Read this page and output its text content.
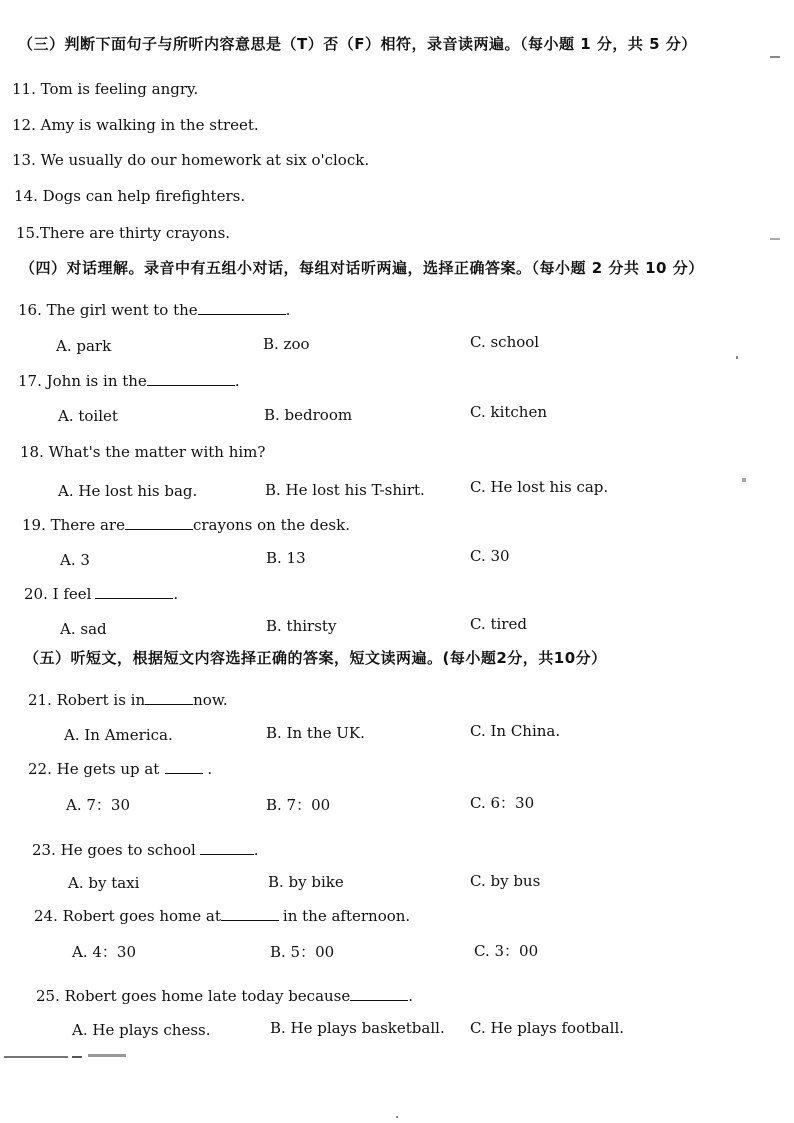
（三）判断下面句子与所听内容意思是（T）否（F）相符，录音读两遍。（每小题 1 分，共 5 分）
11. Tom is feeling angry.
12. Amy is walking in the street.
13. We usually do our homework at six o'clock.
14. Dogs can help firefighters.
15.There are thirty crayons.
（四）对话理解。录音中有五组小对话，每组对话听两遍，选择正确答案。（每小题 2 分共 10 分）
16. The girl went to the	.
A. park	B. zoo	C. school
17. John is in the	.
A. toilet	B. bedroom	C. kitchen
18. What's the matter with him?
A. He lost his bag.	B. He lost his T-shirt.	C. He lost his cap.
19. There are	crayons on the desk.
A. 3	B. 13	C. 30
20. I feel	.
A. sad	B. thirsty	C. tired
（五）听短文，根据短文内容选择正确的答案，短文读两遍。(每小题2分，共10分）
21. Robert is in	now.
A. In America.	B. In the UK.	C. In China.
22. He gets up at	.
A. 7：30	B. 7：00	C. 6：30
23. He goes to school	.
A. by taxi	B. by bike	C. by bus
24. Robert goes home at	in the afternoon.
A. 4：30	B. 5：00	C. 3：00
25. Robert goes home late today because	.
A. He plays chess.	B. He plays basketball. C. He plays football.
